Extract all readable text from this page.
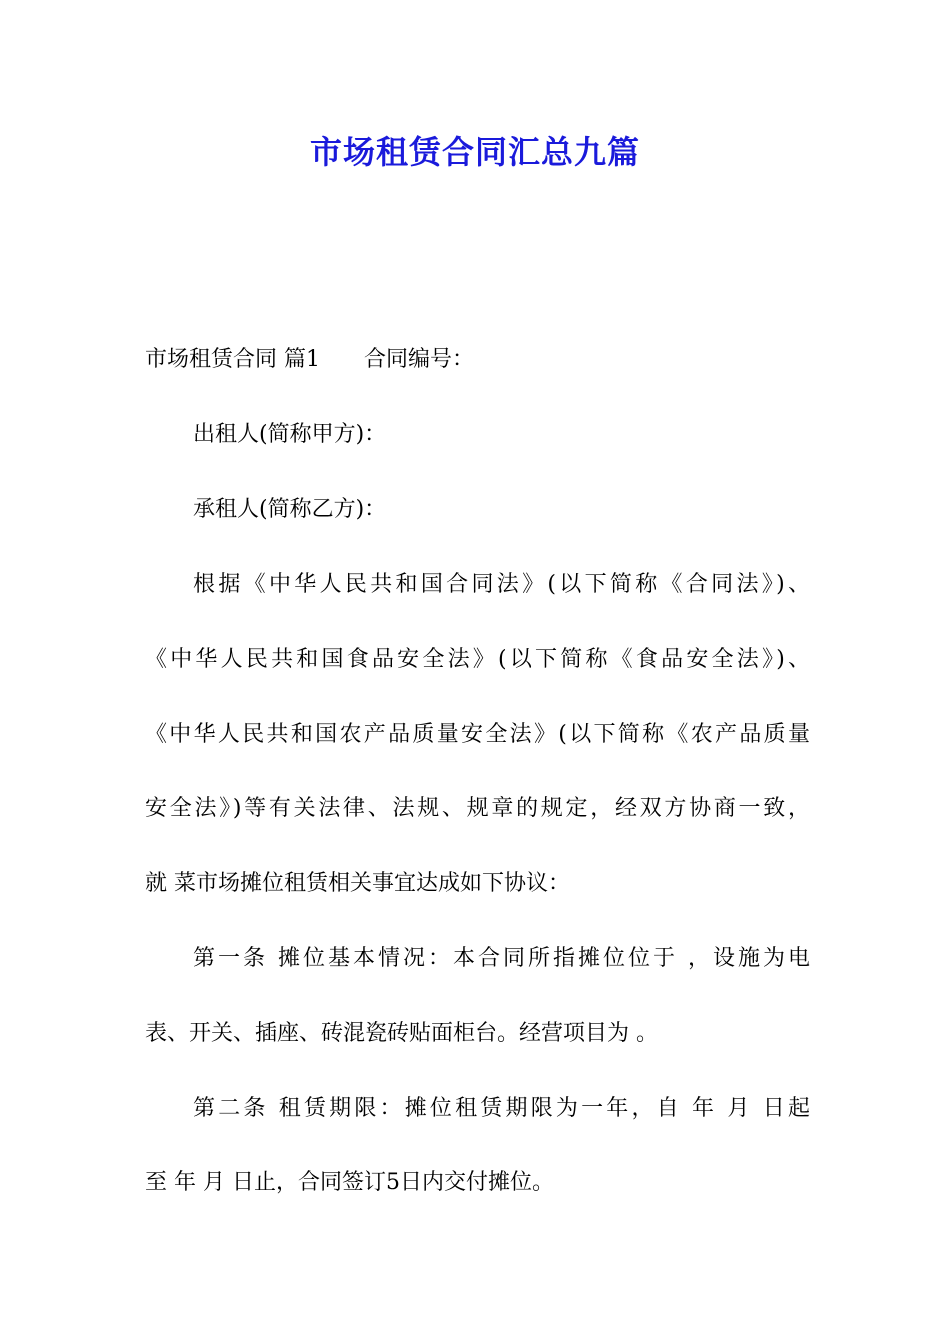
市场租赁合同汇总九篇
市场租赁合同 篇1 合同编号：
出租人(简称甲方)：
承租人(简称乙方)：
根据《中华人民共和国合同法》(以下简称《合同法》)、
《中华人民共和国食品安全法》(以下简称《食品安全法》)、
《中华人民共和国农产品质量安全法》(以下简称《农产品质量
安全法》)等有关法律、法规、规章的规定，经双方协商一致，
就 菜市场摊位租赁相关事宜达成如下协议：
第一条 摊位基本情况：本合同所指摊位位于 ，设施为电
表、开关、插座、砖混瓷砖贴面柜台。经营项目为 。
第二条 租赁期限：摊位租赁期限为一年，自 年 月 日起
至 年 月 日止，合同签订5日内交付摊位。
